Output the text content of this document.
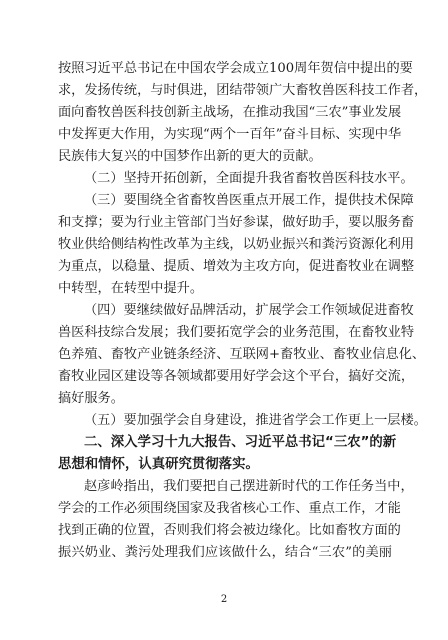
按照习近平总书记在中国农学会成立100周年贺信中提出的要
求，发扬传统，与时俱进，团结带领广大畜牧兽医科技工作者，
面向畜牧兽医科技创新主战场，在推动我国“三农”事业发展
中发挥更大作用，为实现“两个一百年”奋斗目标、实现中华
民族伟大复兴的中国梦作出新的更大的贡献。
（二）坚持开拓创新，全面提升我省畜牧兽医科技水平。
（三）要围绕全省畜牧兽医重点开展工作，提供技术保障
和支撑；要为行业主管部门当好参谋，做好助手，要以服务畜
牧业供给侧结构性改革为主线，以奶业振兴和粪污资源化利用
为重点，以稳量、提质、增效为主攻方向，促进畜牧业在调整
中转型，在转型中提升。
（四）要继续做好品牌活动，扩展学会工作领域促进畜牧
兽医科技综合发展；我们要拓宽学会的业务范围，在畜牧业特
色养殖、畜牧产业链条经济、互联网+畜牧业、畜牧业信息化、
畜牧业园区建设等各领域都要用好学会这个平台，搞好交流，
搞好服务。
（五）要加强学会自身建设，推进省学会工作更上一层楼。
二、深入学习十九大报告、习近平总书记“三农”的新
思想和情怀，认真研究贯彻落实。
赵彦岭指出，我们要把自己摆进新时代的工作任务当中，
学会的工作必须围绕国家及我省核心工作、重点工作，才能
找到正确的位置，否则我们将会被边缘化。比如畜牧方面的
振兴奶业、粪污处理我们应该做什么，结合“三农”的美丽
2
